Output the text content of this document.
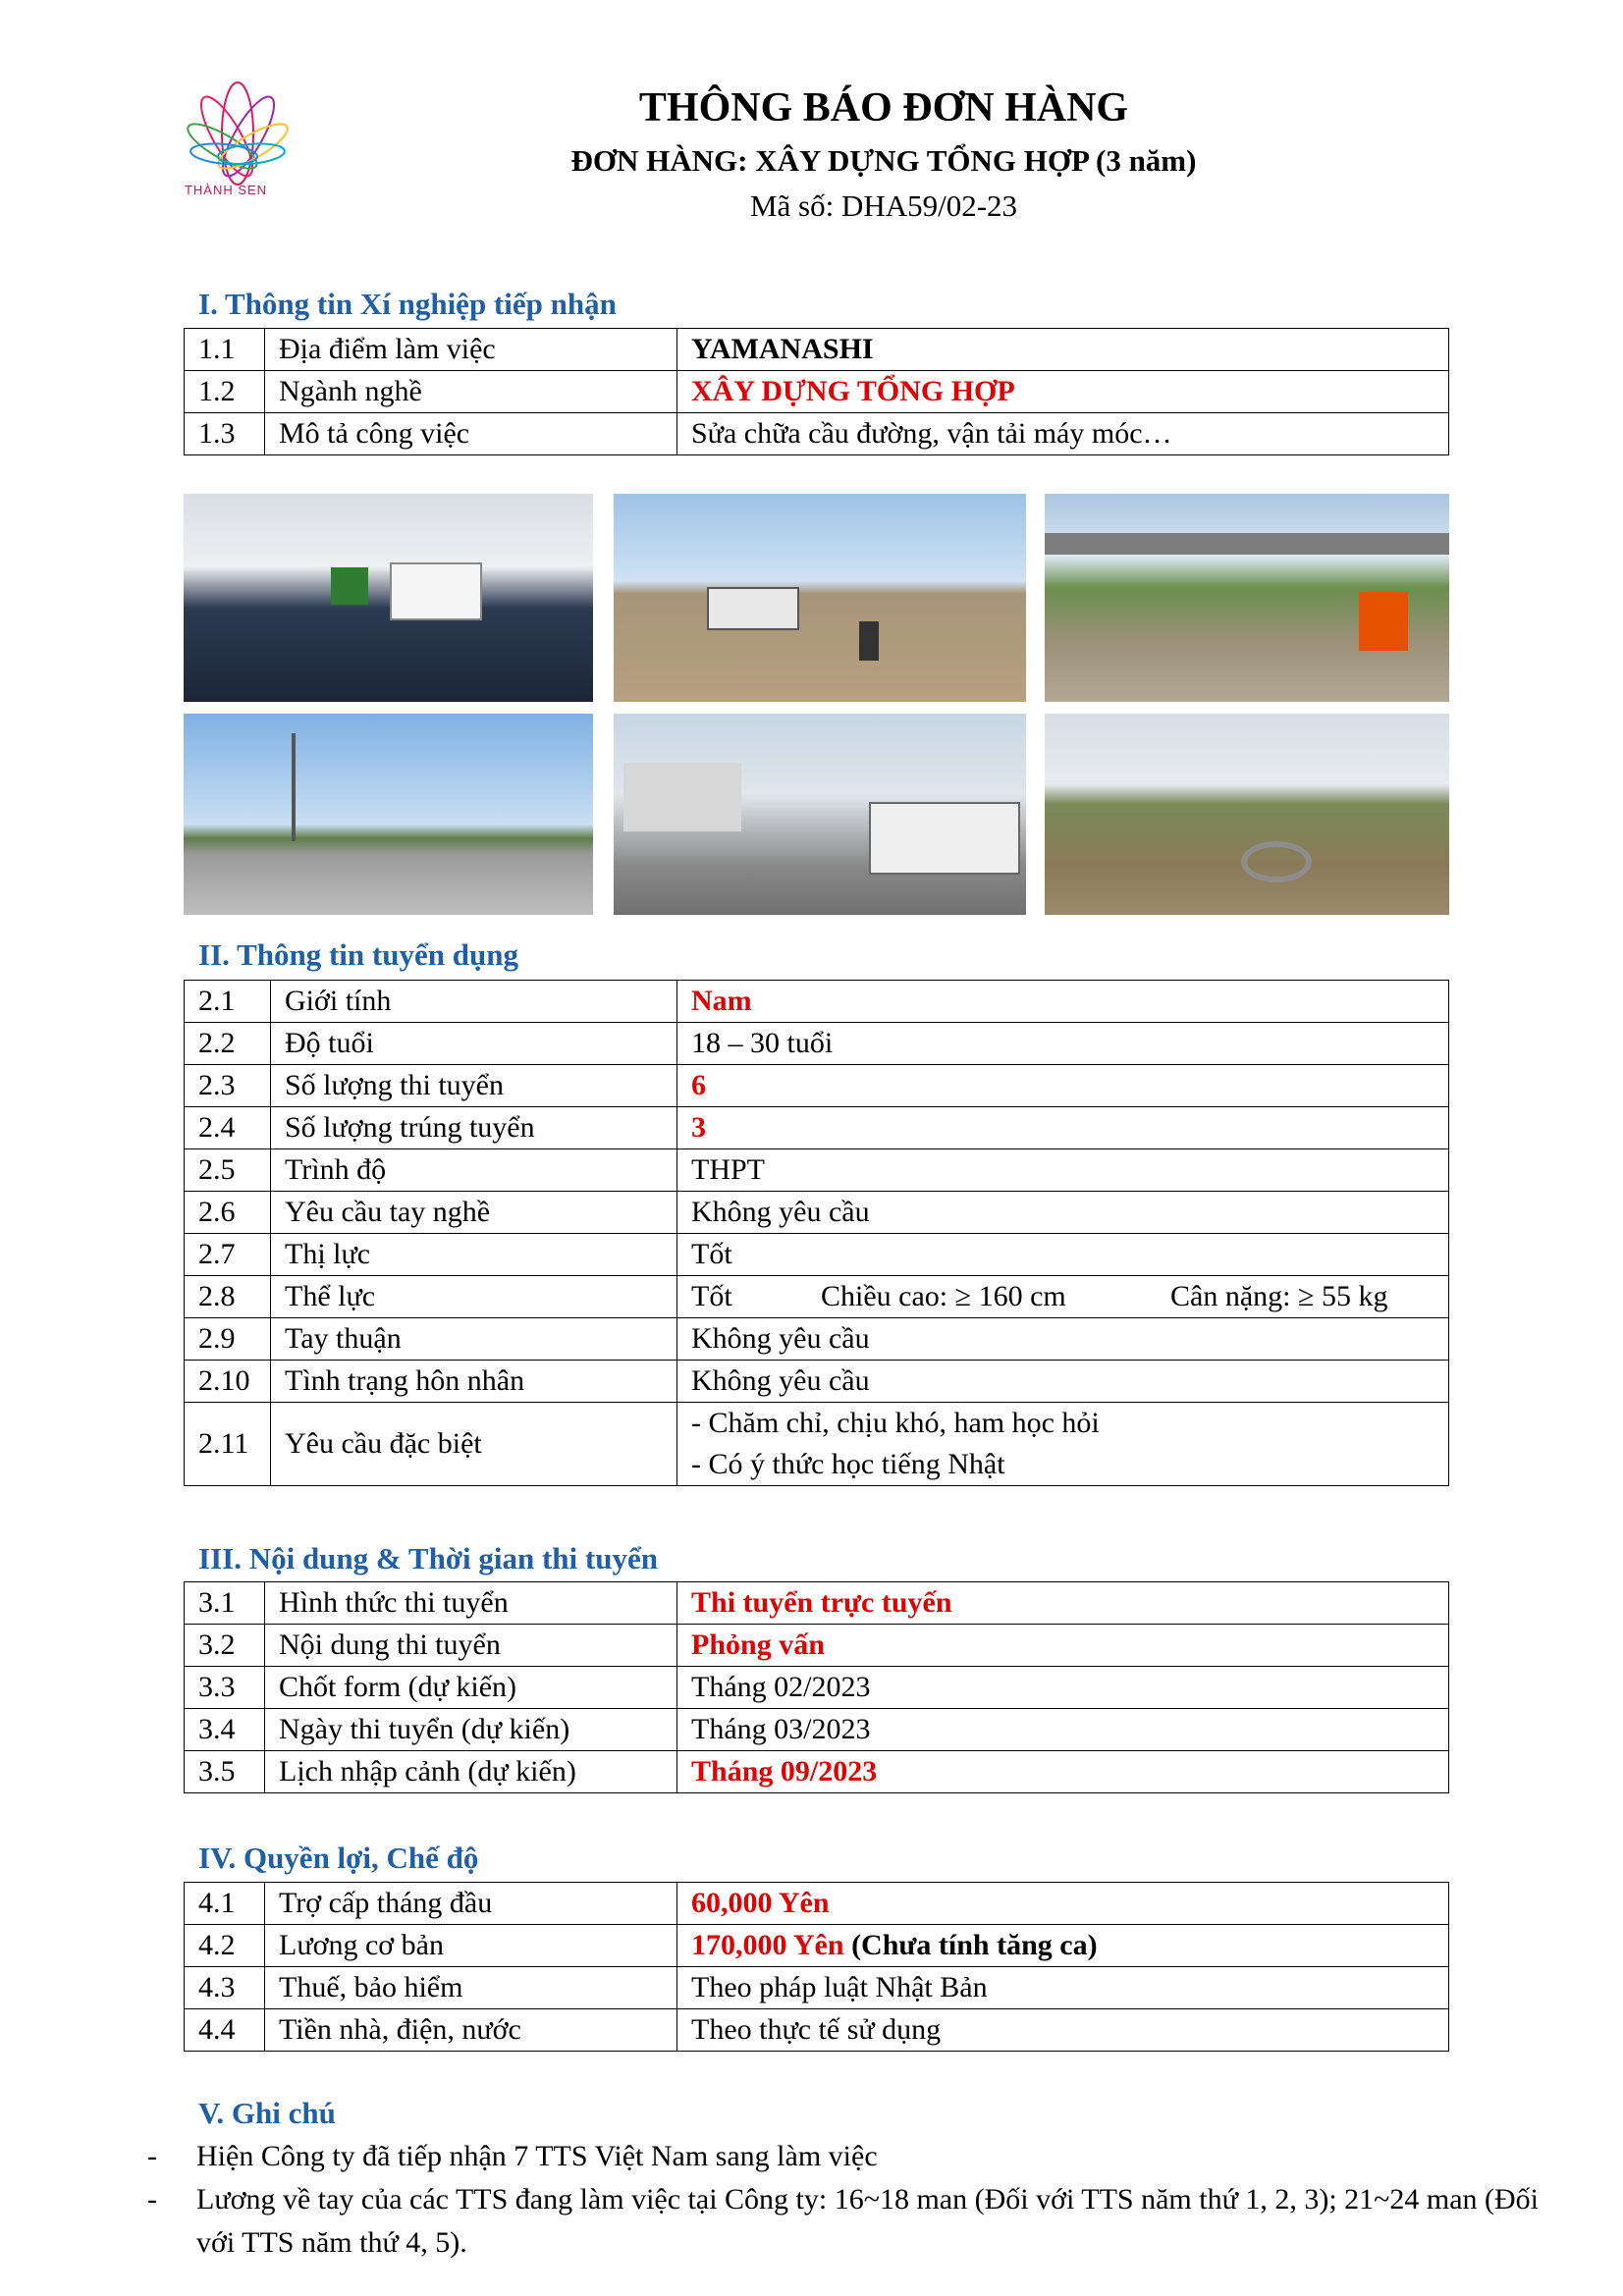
THÀNH SEN
THÔNG BÁO ĐƠN HÀNG
ĐƠN HÀNG: XÂY DỰNG TỔNG HỢP (3 năm)
Mã số: DHA59/02-23
I. Thông tin Xí nghiệp tiếp nhận
1.1	Địa điểm làm việc	YAMANASHI
1.2	Ngành nghề	XÂY DỰNG TỔNG HỢP
1.3	Mô tả công việc	Sửa chữa cầu đường, vận tải máy móc…
II. Thông tin tuyển dụng
2.1	Giới tính	Nam
2.2	Độ tuổi	18 – 30 tuổi
2.3	Số lượng thi tuyển	6
2.4	Số lượng trúng tuyển	3
2.5	Trình độ	THPT
2.6	Yêu cầu tay nghề	Không yêu cầu
2.7	Thị lực	Tốt
2.8	Thể lực	Tốt Chiều cao: ≥ 160 cm Cân nặng: ≥ 55 kg
2.9	Tay thuận	Không yêu cầu
2.10	Tình trạng hôn nhân	Không yêu cầu
2.11	Yêu cầu đặc biệt	- Chăm chỉ, chịu khó, ham học hỏi
- Có ý thức học tiếng Nhật
III. Nội dung & Thời gian thi tuyển
3.1	Hình thức thi tuyển	Thi tuyển trực tuyến
3.2	Nội dung thi tuyển	Phỏng vấn
3.3	Chốt form (dự kiến)	Tháng 02/2023
3.4	Ngày thi tuyển (dự kiến)	Tháng 03/2023
3.5	Lịch nhập cảnh (dự kiến)	Tháng 09/2023
IV. Quyền lợi, Chế độ
4.1	Trợ cấp tháng đầu	60,000 Yên
4.2	Lương cơ bản	170,000 Yên (Chưa tính tăng ca)
4.3	Thuế, bảo hiểm	Theo pháp luật Nhật Bản
4.4	Tiền nhà, điện, nước	Theo thực tế sử dụng
V. Ghi chú
- Hiện Công ty đã tiếp nhận 7 TTS Việt Nam sang làm việc
- Lương về tay của các TTS đang làm việc tại Công ty: 16~18 man (Đối với TTS năm thứ 1, 2, 3); 21~24 man (Đối với TTS năm thứ 4, 5).
